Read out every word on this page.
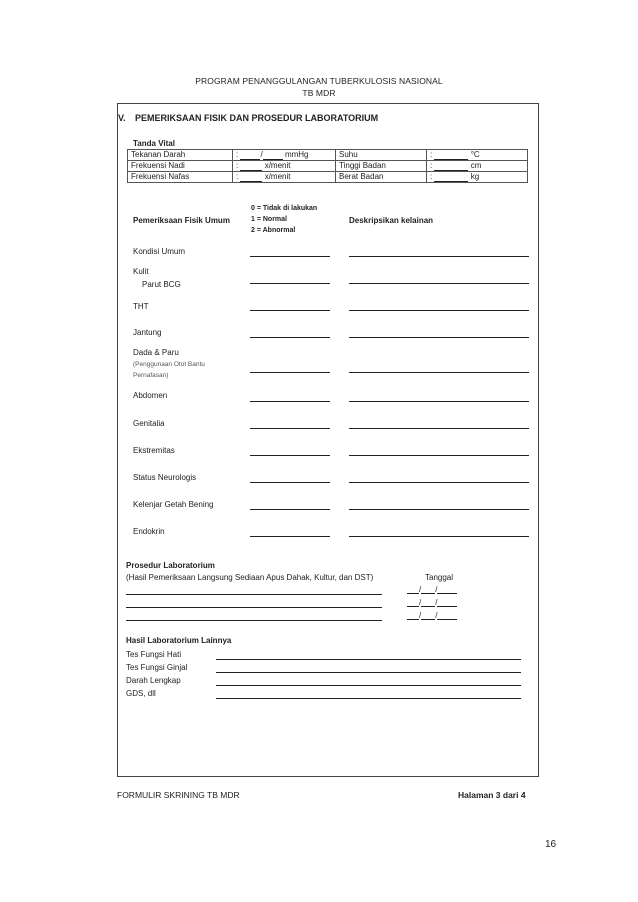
PROGRAM PENANGGULANGAN TUBERKULOSIS NASIONAL
TB MDR
V. PEMERIKSAAN FISIK DAN PROSEDUR LABORATORIUM
Tanda Vital
Tekanan Darah	: / mmHg	Suhu	: °C
Frekuensi Nadi	: x/menit	Tinggi Badan	: cm
Frekuensi Nafas	: x/menit	Berat Badan	: kg
Pemeriksaan Fisik Umum
0 = Tidak di lakukan
1 = Normal
2 = Abnormal
Deskripsikan kelainan
Kondisi Umum
Kulit
Parut BCG
THT
Jantung
Dada & Paru
(Penggunaan Otot Bantu
Pernafasan)
Abdomen
Genitalia
Ekstremitas
Status Neurologis
Kelenjar Getah Bening
Endokrin
Prosedur Laboratorium
(Hasil Pemeriksaan Langsung Sediaan Apus Dahak, Kultur, dan DST)	Tanggal
/ /
/ /
/ /
Hasil Laboratorium Lainnya
Tes Fungsi Hati
Tes Fungsi Ginjal
Darah Lengkap
GDS, dll
FORMULIR SKRINING TB MDR	Halaman 3 dari 4
16
